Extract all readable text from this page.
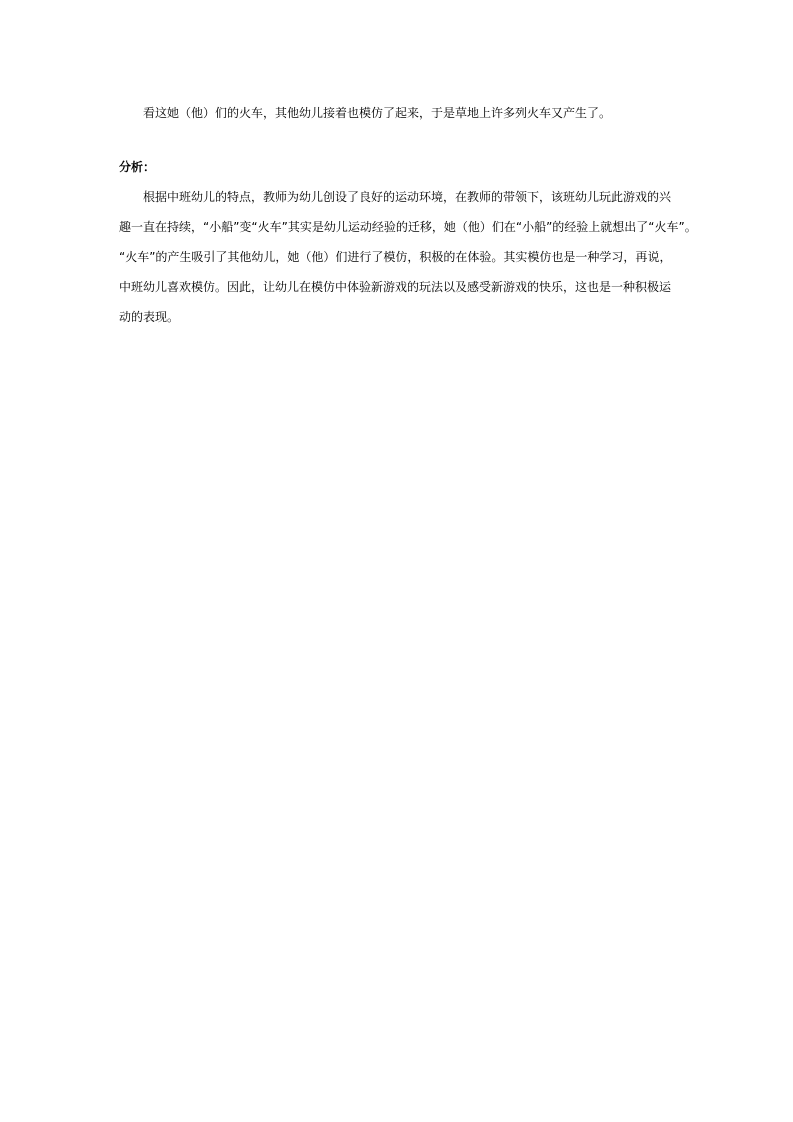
看这她（他）们的火车，其他幼儿接着也模仿了起来，于是草地上许多列火车又产生了。

分析：

根据中班幼儿的特点，教师为幼儿创设了良好的运动环境，在教师的带领下，该班幼儿玩此游戏的兴
趣一直在持续，“小船”变“火车”其实是幼儿运动经验的迁移，她（他）们在“小船”的经验上就想出了“火车”。
“火车”的产生吸引了其他幼儿，她（他）们进行了模仿，积极的在体验。其实模仿也是一种学习，再说，
中班幼儿喜欢模仿。因此，让幼儿在模仿中体验新游戏的玩法以及感受新游戏的快乐，这也是一种积极运
动的表现。
